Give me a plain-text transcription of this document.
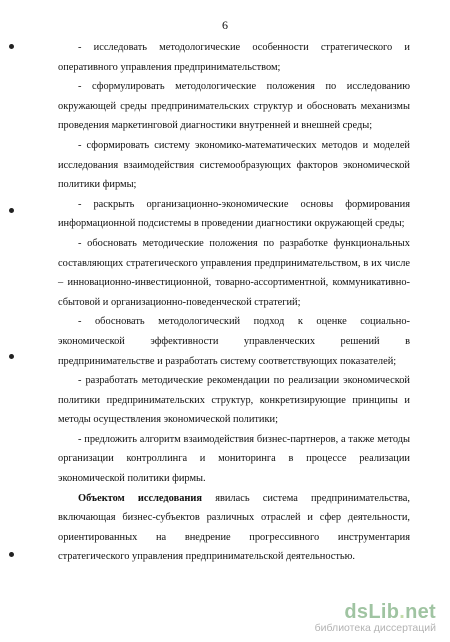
6

- исследовать методологические особенности стратегического и оперативного управления предпринимательством;

- сформулировать методологические положения по исследованию окружающей среды предпринимательских структур и обосновать механизмы проведения маркетинговой диагностики внутренней и внешней среды;

- сформировать систему экономико-математических методов и моделей исследования взаимодействия системообразующих факторов экономической политики фирмы;

- раскрыть организационно-экономические основы формирования информационной подсистемы в проведении диагностики окружающей среды;

- обосновать методические положения по разработке функциональных составляющих стратегического управления предпринимательством, в их числе – инновационно-инвестиционной, товарно-ассортиментной, коммуникативно-сбытовой и организационно-поведенческой стратегий;

- обосновать методологический подход к оценке социально-экономической эффективности управленческих решений в предпринимательстве и разработать систему соответствующих показателей;

- разработать методические рекомендации по реализации экономической политики предпринимательских структур, конкретизирующие принципы и методы осуществления экономической политики;

- предложить алгоритм взаимодействия бизнес-партнеров, а также методы организации контроллинга и мониторинга в процессе реализации экономической политики фирмы.

Объектом исследования явилась система предпринимательства, включающая бизнес-субъектов различных отраслей и сфер деятельности, ориентированных на внедрение прогрессивного инструментария стратегического управления предпринимательской деятельностью.

dsLib.net
библиотека диссертаций
